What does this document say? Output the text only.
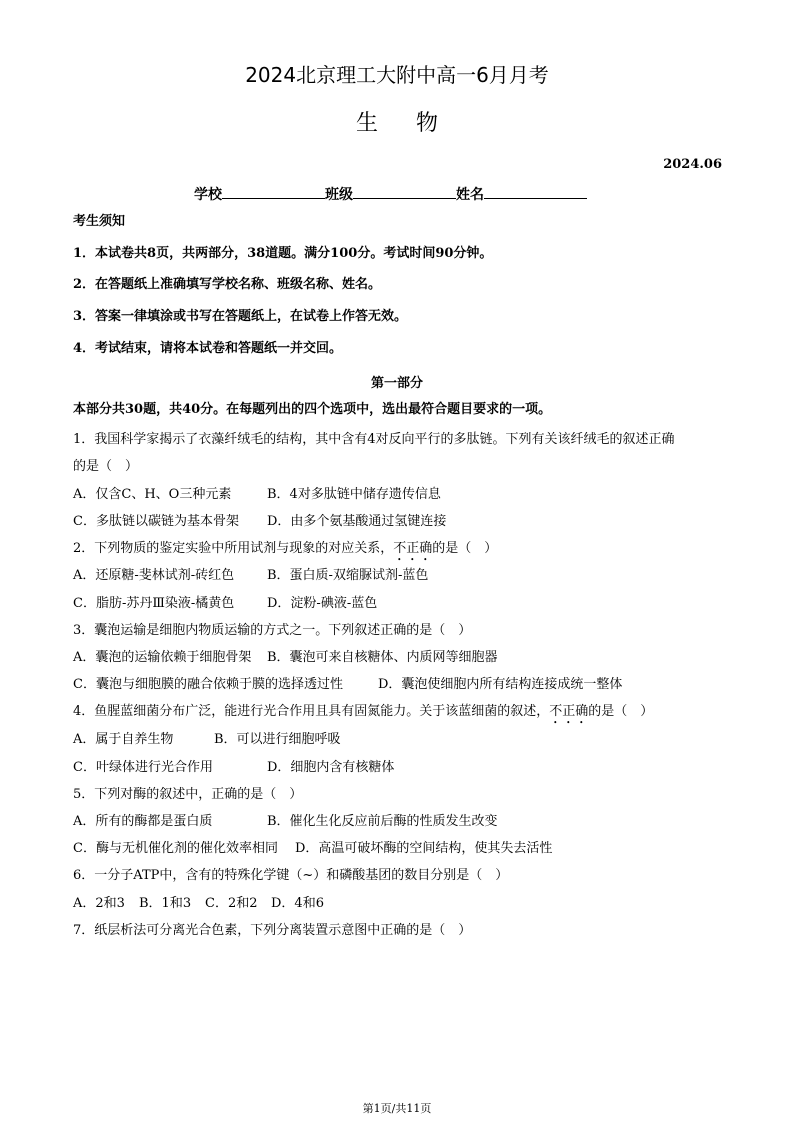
2024北京理工大附中高一6月月考
生物
2024.06
学校	班级	姓名
考生须知
1．本试卷共8页，共两部分，38道题。满分100分。考试时间90分钟。
2．在答题纸上准确填写学校名称、班级名称、姓名。
3．答案一律填涂或书写在答题纸上，在试卷上作答无效。
4．考试结束，请将本试卷和答题纸一并交回。
第一部分
本部分共30题，共40分。在每题列出的四个选项中，选出最符合题目要求的一项。
1．我国科学家揭示了衣藻纤绒毛的结构，其中含有4对反向平行的多肽链。下列有关该纤绒毛的叙述正确
的是（　）
A．仅含C、H、O三种元素	B．4对多肽链中储存遗传信息
C．多肽链以碳链为基本骨架 D．由多个氨基酸通过氢键连接
2．下列物质的鉴定实验中所用试剂与现象的对应关系，不正确的是（　）
A．还原糖-斐林试剂-砖红色	B．蛋白质-双缩脲试剂-蓝色
C．脂肪-苏丹Ⅲ染液-橘黄色	D．淀粉-碘液-蓝色
3．囊泡运输是细胞内物质运输的方式之一。下列叙述正确的是（　）
A．囊泡的运输依赖于细胞骨架 B．囊泡可来自核糖体、内质网等细胞器
C．囊泡与细胞膜的融合依赖于膜的选择透过性	D．囊泡使细胞内所有结构连接成统一整体
4．鱼腥蓝细菌分布广泛，能进行光合作用且具有固氮能力。关于该蓝细菌的叙述，不正确的是（　）
A．属于自养生物	B．可以进行细胞呼吸
C．叶绿体进行光合作用	D．细胞内含有核糖体
5．下列对酶的叙述中，正确的是（　）
A．所有的酶都是蛋白质	B．催化生化反应前后酶的性质发生改变
C．酶与无机催化剂的催化效率相同 D．高温可破坏酶的空间结构，使其失去活性
6．一分子ATP中，含有的特殊化学键（~）和磷酸基团的数目分别是（　）
A．2和3 B．1和3 C．2和2 D．4和6
7．纸层析法可分离光合色素，下列分离装置示意图中正确的是（　）
第1页/共11页
